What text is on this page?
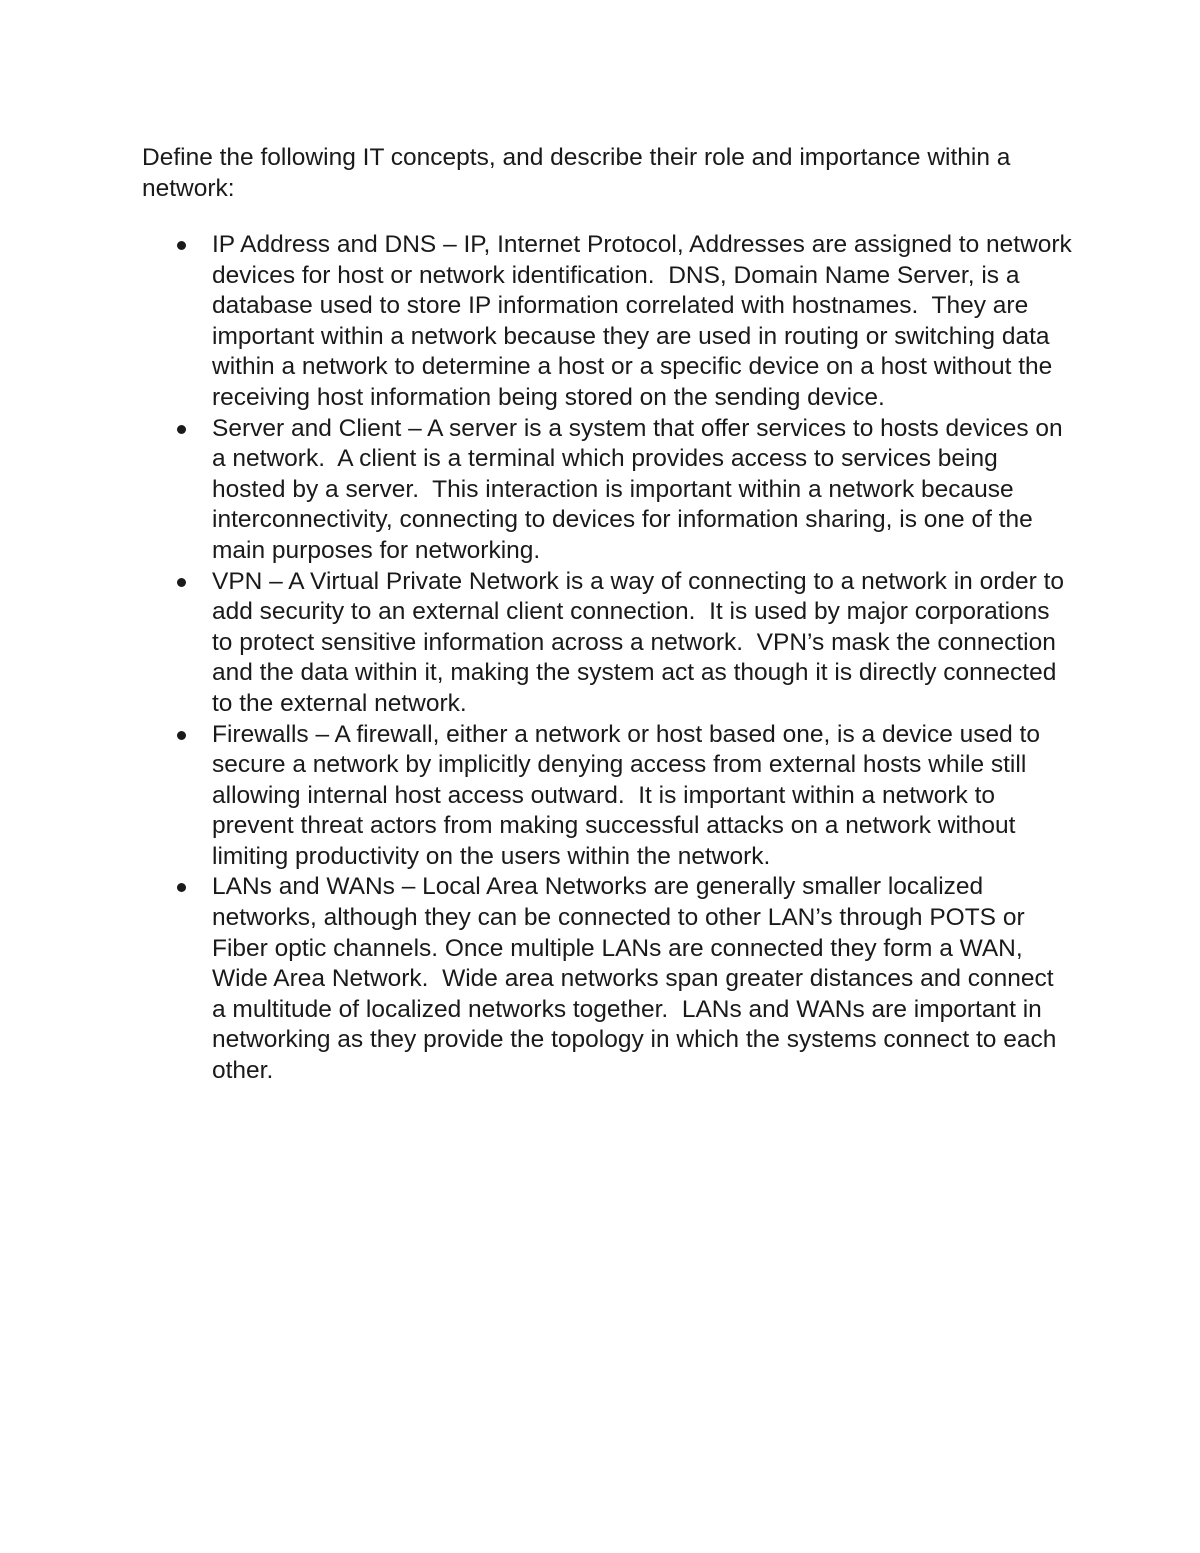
Define the following IT concepts, and describe their role and importance within a network:

IP Address and DNS – IP, Internet Protocol, Addresses are assigned to network devices for host or network identification.  DNS, Domain Name Server, is a database used to store IP information correlated with hostnames.  They are important within a network because they are used in routing or switching data within a network to determine a host or a specific device on a host without the receiving host information being stored on the sending device.
Server and Client – A server is a system that offer services to hosts devices on a network.  A client is a terminal which provides access to services being hosted by a server.  This interaction is important within a network because interconnectivity, connecting to devices for information sharing, is one of the main purposes for networking.
VPN – A Virtual Private Network is a way of connecting to a network in order to add security to an external client connection.  It is used by major corporations to protect sensitive information across a network.  VPN’s mask the connection and the data within it, making the system act as though it is directly connected to the external network.
Firewalls – A firewall, either a network or host based one, is a device used to secure a network by implicitly denying access from external hosts while still allowing internal host access outward.  It is important within a network to prevent threat actors from making successful attacks on a network without limiting productivity on the users within the network.
LANs and WANs – Local Area Networks are generally smaller localized networks, although they can be connected to other LAN’s through POTS or Fiber optic channels. Once multiple LANs are connected they form a WAN, Wide Area Network.  Wide area networks span greater distances and connect a multitude of localized networks together.  LANs and WANs are important in networking as they provide the topology in which the systems connect to each other.
